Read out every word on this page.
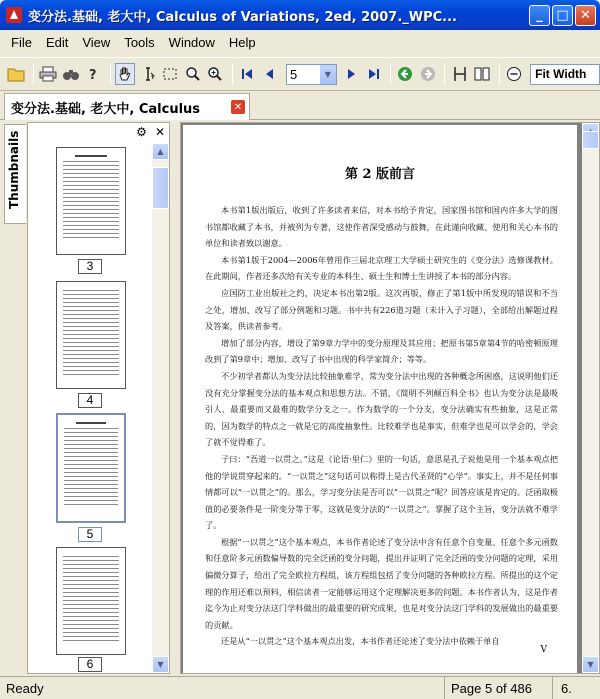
变分法.基础, 老大中, Calculus of Variations, 2ed, 2007._WPC...	_ □ ✕
File	Edit	View	Tools	Window	Help
?	5	▼	Fit Width
变分法.基础, 老大中, Calculus	✕
Thumbnails	⚙ ✕
3
4
5
6
▲
▼
第 2 版前言

本书第1版出版后，收到了许多读者来信，对本书给予肯定，国家图书馆和国内许多大学的图书馆都收藏了本书，并被列为专著，这使作者深受感动与鼓舞，在此谨向收藏、使用和关心本书的单位和读者致以谢意。

本书第1版于2004—2006年曾用作三届北京理工大学硕士研究生的《变分法》选修课教材。在此期间，作者还多次给有关专业的本科生、硕士生和博士生讲授了本书的部分内容。

应国防工业出版社之约，决定本书出第2版。这次再版，修正了第1版中所发现的错误和不当之处，增加、改写了部分例题和习题。书中共有226道习题（未计入子习题），全部给出解题过程及答案，供读者参考。

增加了部分内容，增设了第9章力学中的变分原理及其应用；把原书第5章第4节的哈密顿原理改到了第9章中；增加、改写了书中出现的科学家简介；等等。

不少初学者都认为变分法比较抽象难学，常为变分法中出现的各种概念所困惑，这说明他们还没有充分掌握变分法的基本观点和思想方法。不错，《简明不列颠百科全书》也认为变分法是最吸引人、最重要而又最难的数学分支之一。作为数学的一个分支，变分法确实有些抽象，这是正常的，因为数学的特点之一就是它的高度抽象性。比较难学也是事实，但难学也是可以学会的，学会了就不觉得难了。

子曰：“吾道一以贯之。”这是《论语·里仁》里的一句话，意思是孔子说他是用一个基本观点把他的学说贯穿起来的。“一以贯之”这句话可以称得上是古代圣贤的“心学”。事实上，并不是任何事情都可以“一以贯之”的。那么，学习变分法是否可以“一以贯之”呢？回答应该是肯定的。泛函取极值的必要条件是一阶变分等于零，这就是变分法的“一以贯之”。掌握了这个主旨，变分法就不难学了。

根据“一以贯之”这个基本观点，本书作者论述了变分法中含有任意个自变量、任意个多元函数和任意阶多元函数偏导数的完全泛函的变分问题，提出并证明了完全泛函的变分问题的定理，采用偏微分算子，给出了完全欧拉方程组，该方程组包括了变分问题的各种欧拉方程。所提出的这个定理的作用还难以预料，相信读者一定能够运用这个定理解决更多的问题。本书作者认为，这是作者迄今为止对变分法这门学科做出的最重要的研究成果，也是对变分法这门学科的发展做出的最重要的贡献。

还是从“一以贯之”这个基本观点出发，本书作者还论述了变分法中依赖于单自

V
▼
Ready	Page 5 of 486	6.
